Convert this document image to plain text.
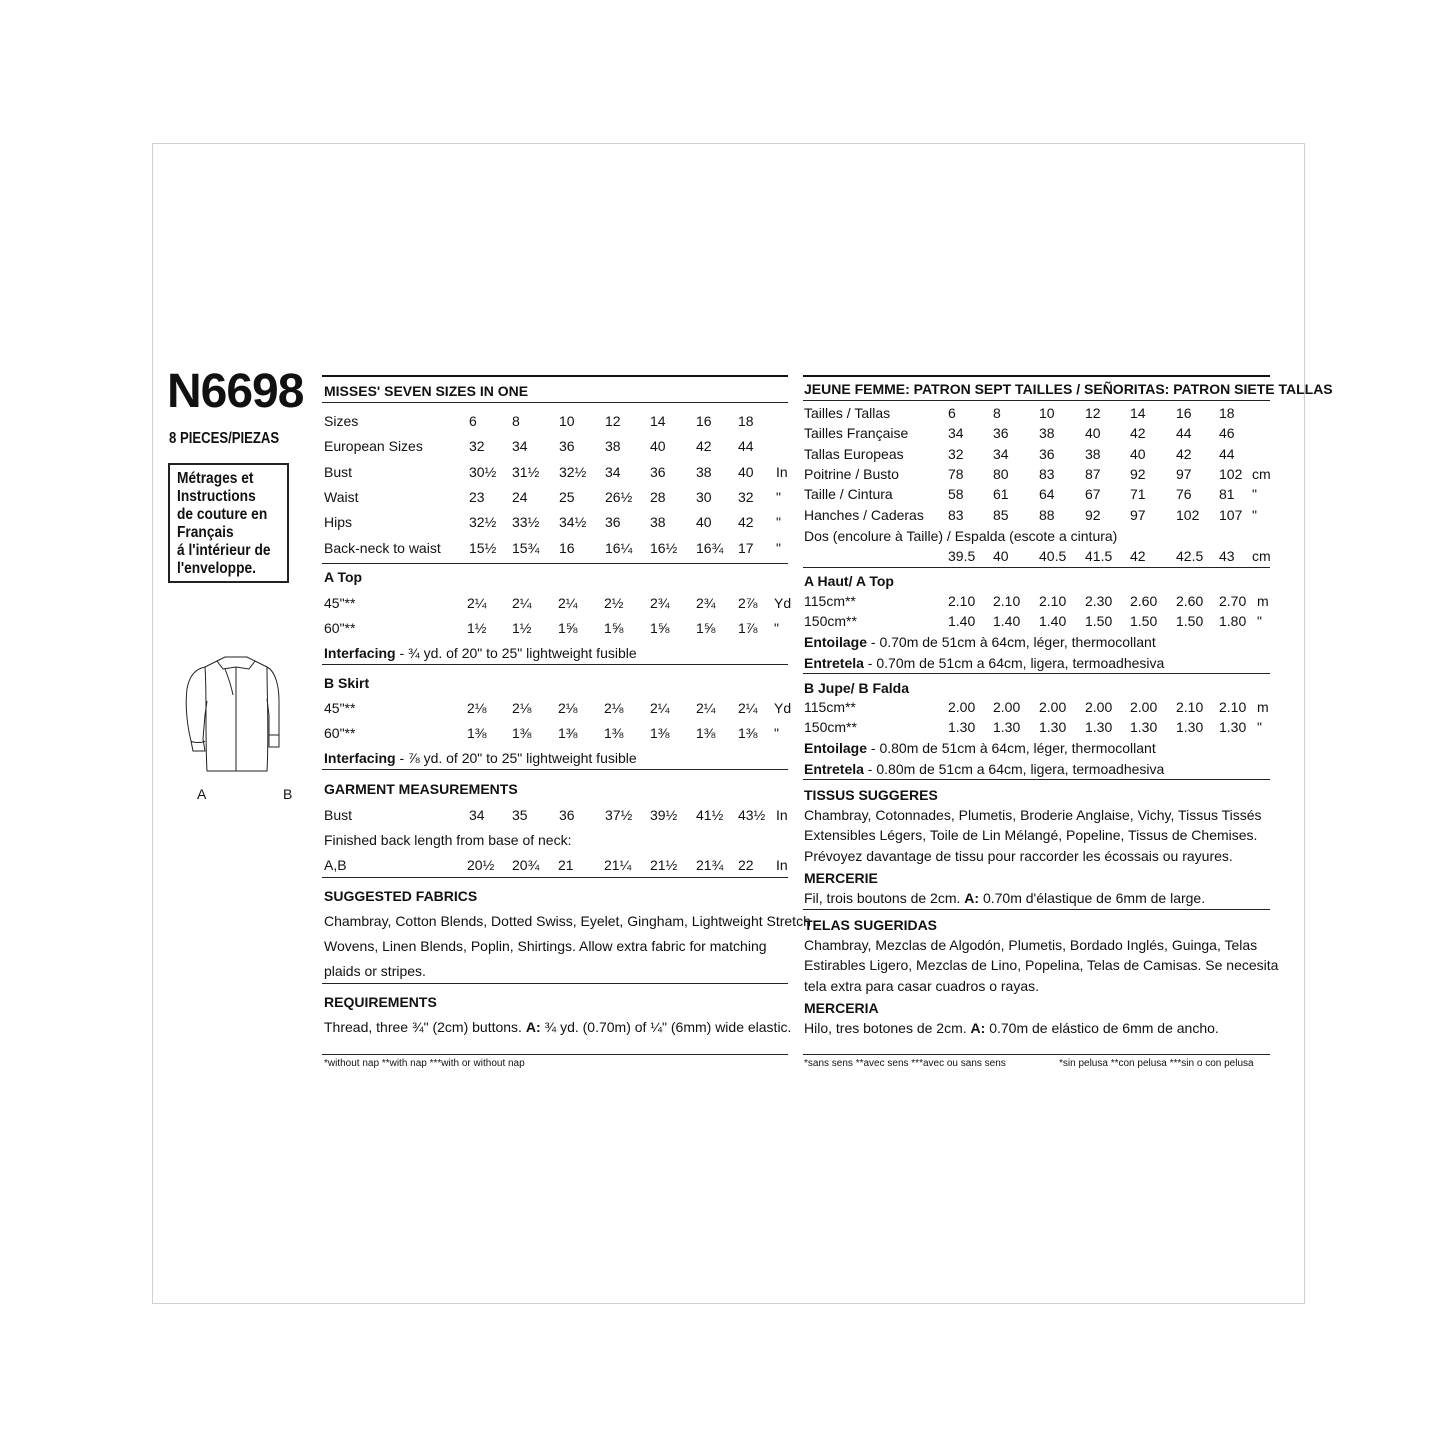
N6698
8 PIECES/PIEZAS
Métrages et
Instructions
de couture en
Français
á l'intérieur de
l'enveloppe.
A	B
MISSES' SEVEN SIZES IN ONE
Sizes	6	8	10 12 14 16 18
European Sizes	32 34 36 38 40 42 44
Bust	30½ 31½ 32½ 34 36 38 40 In
Waist	23 24 25 26½ 28 30 32 "
Hips	32½ 33½ 34½ 36 38 40 42 "
Back-neck to waist 15½ 15¾ 16 16¼ 16½ 16¾ 17 "
A Top
45"**	2¼ 2¼ 2¼ 2½ 2¾ 2¾ 2⅞ Yd
60"**	1½ 1½ 1⅝ 1⅝ 1⅝ 1⅝ 1⅞ "
Interfacing - ¾ yd. of 20" to 25" lightweight fusible
B Skirt
45"**	2⅛ 2⅛ 2⅛ 2⅛ 2¼ 2¼ 2¼ Yd
60"**	1⅜ 1⅜ 1⅜ 1⅜ 1⅜ 1⅜ 1⅜ "
Interfacing - ⅞ yd. of 20" to 25" lightweight fusible
GARMENT MEASUREMENTS
Bust	34 35 36 37½ 39½ 41½ 43½ In
Finished back length from base of neck:
A,B	20½ 20¾ 21 21¼ 21½ 21¾ 22 In
SUGGESTED FABRICS
Chambray, Cotton Blends, Dotted Swiss, Eyelet, Gingham, Lightweight Stretch
Wovens, Linen Blends, Poplin, Shirtings. Allow extra fabric for matching
plaids or stripes.
REQUIREMENTS
Thread, three ¾" (2cm) buttons. A: ¾ yd. (0.70m) of ¼" (6mm) wide elastic.
*without nap **with nap ***with or without nap
JEUNE FEMME: PATRON SEPT TAILLES / SEÑORITAS: PATRON SIETE TALLAS
Tailles / Tallas	6	8	10 12 14 16 18
Tailles Française	34 36 38 40 42 44 46
Tallas Europeas	32 34 36 38 40 42 44
Poitrine / Busto	78 80 83 87 92 97 102 cm
Taille / Cintura	58 61 64 67 71 76 81 "
Hanches / Caderas 83 85 88 92 97 102 107 "
Dos (encolure à Taille) / Espalda (escote a cintura)
39.5 40 40.5 41.5 42 42.5 43 cm
A Haut/ A Top
115cm**	2.10 2.10 2.10 2.30 2.60 2.60 2.70 m
150cm**	1.40 1.40 1.40 1.50 1.50 1.50 1.80 "
Entoilage - 0.70m de 51cm à 64cm, léger, thermocollant
Entretela - 0.70m de 51cm a 64cm, ligera, termoadhesiva
B Jupe/ B Falda
115cm**	2.00 2.00 2.00 2.00 2.00 2.10 2.10 m
150cm**	1.30 1.30 1.30 1.30 1.30 1.30 1.30 "
Entoilage - 0.80m de 51cm à 64cm, léger, thermocollant
Entretela - 0.80m de 51cm a 64cm, ligera, termoadhesiva
TISSUS SUGGERES
Chambray, Cotonnades, Plumetis, Broderie Anglaise, Vichy, Tissus Tissés
Extensibles Légers, Toile de Lin Mélangé, Popeline, Tissus de Chemises.
Prévoyez davantage de tissu pour raccorder les écossais ou rayures.
MERCERIE
Fil, trois boutons de 2cm. A: 0.70m d'élastique de 6mm de large.
TELAS SUGERIDAS
Chambray, Mezclas de Algodón, Plumetis, Bordado Inglés, Guinga, Telas
Estirables Ligero, Mezclas de Lino, Popelina, Telas de Camisas. Se necesita
tela extra para casar cuadros o rayas.
MERCERIA
Hilo, tres botones de 2cm. A: 0.70m de elástico de 6mm de ancho.
*sans sens **avec sens ***avec ou sans sens	*sin pelusa **con pelusa ***sin o con pelusa
